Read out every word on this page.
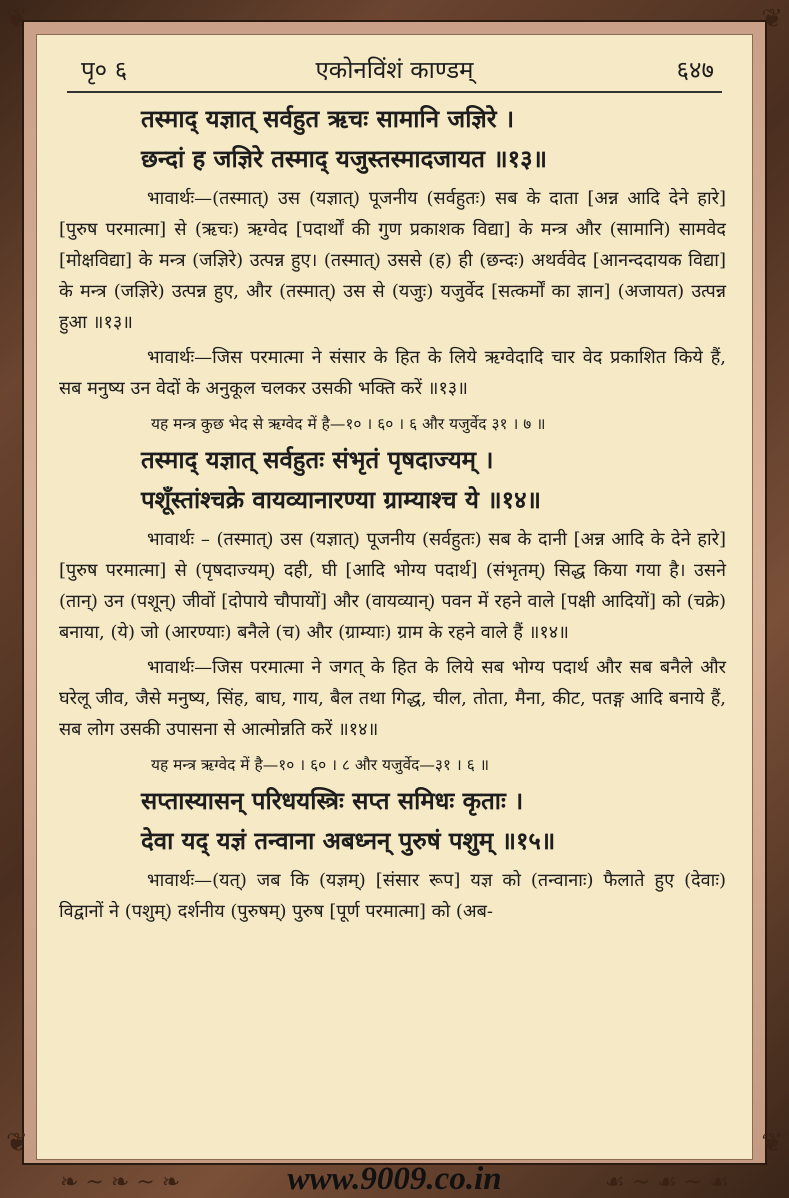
❦	❦
❦	❦
पृ० ६	एकोनविंशं काण्डम्	६४७
तस्माद् यज्ञात् सर्वहुत ऋचः सामानि जज्ञिरे ।
छन्दां ह जज्ञिरे तस्माद् यजुस्तस्मादजायत ॥१३॥

भावार्थः—(तस्मात्) उस (यज्ञात्) पूजनीय (सर्वहुतः) सब के दाता [अन्न आदि देने हारे] [पुरुष परमात्मा] से (ऋचः) ऋग्वेद [पदार्थों की गुण प्रकाशक विद्या] के मन्त्र और (सामानि) सामवेद [मोक्षविद्या] के मन्त्र (जज्ञिरे) उत्पन्न हुए। (तस्मात्) उससे (ह) ही (छन्दः) अथर्ववेद [आनन्ददायक विद्या] के मन्त्र (जज्ञिरे) उत्पन्न हुए, और (तस्मात्) उस से (यजुः) यजुर्वेद [सत्कर्मों का ज्ञान] (अजायत) उत्पन्न हुआ ॥१३॥

भावार्थः—जिस परमात्मा ने संसार के हित के लिये ऋग्वेदादि चार वेद प्रकाशित किये हैं, सब मनुष्य उन वेदों के अनुकूल चलकर उसकी भक्ति करें ॥१३॥

यह मन्त्र कुछ भेद से ऋग्वेद में है—१० । ६० । ६ और यजुर्वेद ३१ । ७ ॥
तस्माद् यज्ञात् सर्वहुतः संभृतं पृषदाज्यम् ।
पशूँस्तांश्चक्रे वायव्यानारण्या ग्राम्याश्च ये ॥१४॥

भावार्थः – (तस्मात्) उस (यज्ञात्) पूजनीय (सर्वहुतः) सब के दानी [अन्न आदि के देने हारे] [पुरुष परमात्मा] से (पृषदाज्यम्) दही, घी [आदि भोग्य पदार्थ] (संभृतम्) सिद्ध किया गया है। उसने (तान्) उन (पशून्) जीवों [दोपाये चौपायों] और (वायव्यान्) पवन में रहने वाले [पक्षी आदियों] को (चक्रे) बनाया, (ये) जो (आरण्याः) बनैले (च) और (ग्राम्याः) ग्राम के रहने वाले हैं ॥१४॥

भावार्थः—जिस परमात्मा ने जगत् के हित के लिये सब भोग्य पदार्थ और सब बनैले और घरेलू जीव, जैसे मनुष्य, सिंह, बाघ, गाय, बैल तथा गिद्ध, चील, तोता, मैना, कीट, पतङ्ग आदि बनाये हैं, सब लोग उसकी उपासना से आत्मोन्नति करें ॥१४॥

यह मन्त्र ऋग्वेद में है—१० । ६० । ८ और यजुर्वेद—३१ । ६ ॥
सप्तास्यासन् परिधयस्त्रिः सप्त समिधः कृताः ।
देवा यद् यज्ञं तन्वाना अबध्नन् पुरुषं पशुम् ॥१५॥

भावार्थः—(यत्) जब कि (यज्ञम्) [संसार रूप] यज्ञ को (तन्वानाः) फैलाते हुए (देवाः) विद्वानों ने (पशुम्) दर्शनीय (पुरुषम्) पुरुष [पूर्ण परमात्मा] को (अब-

❧ ~ ❧ ~ ❧	☙ ~ ☙ ~ ☙
www.9009.co.in
